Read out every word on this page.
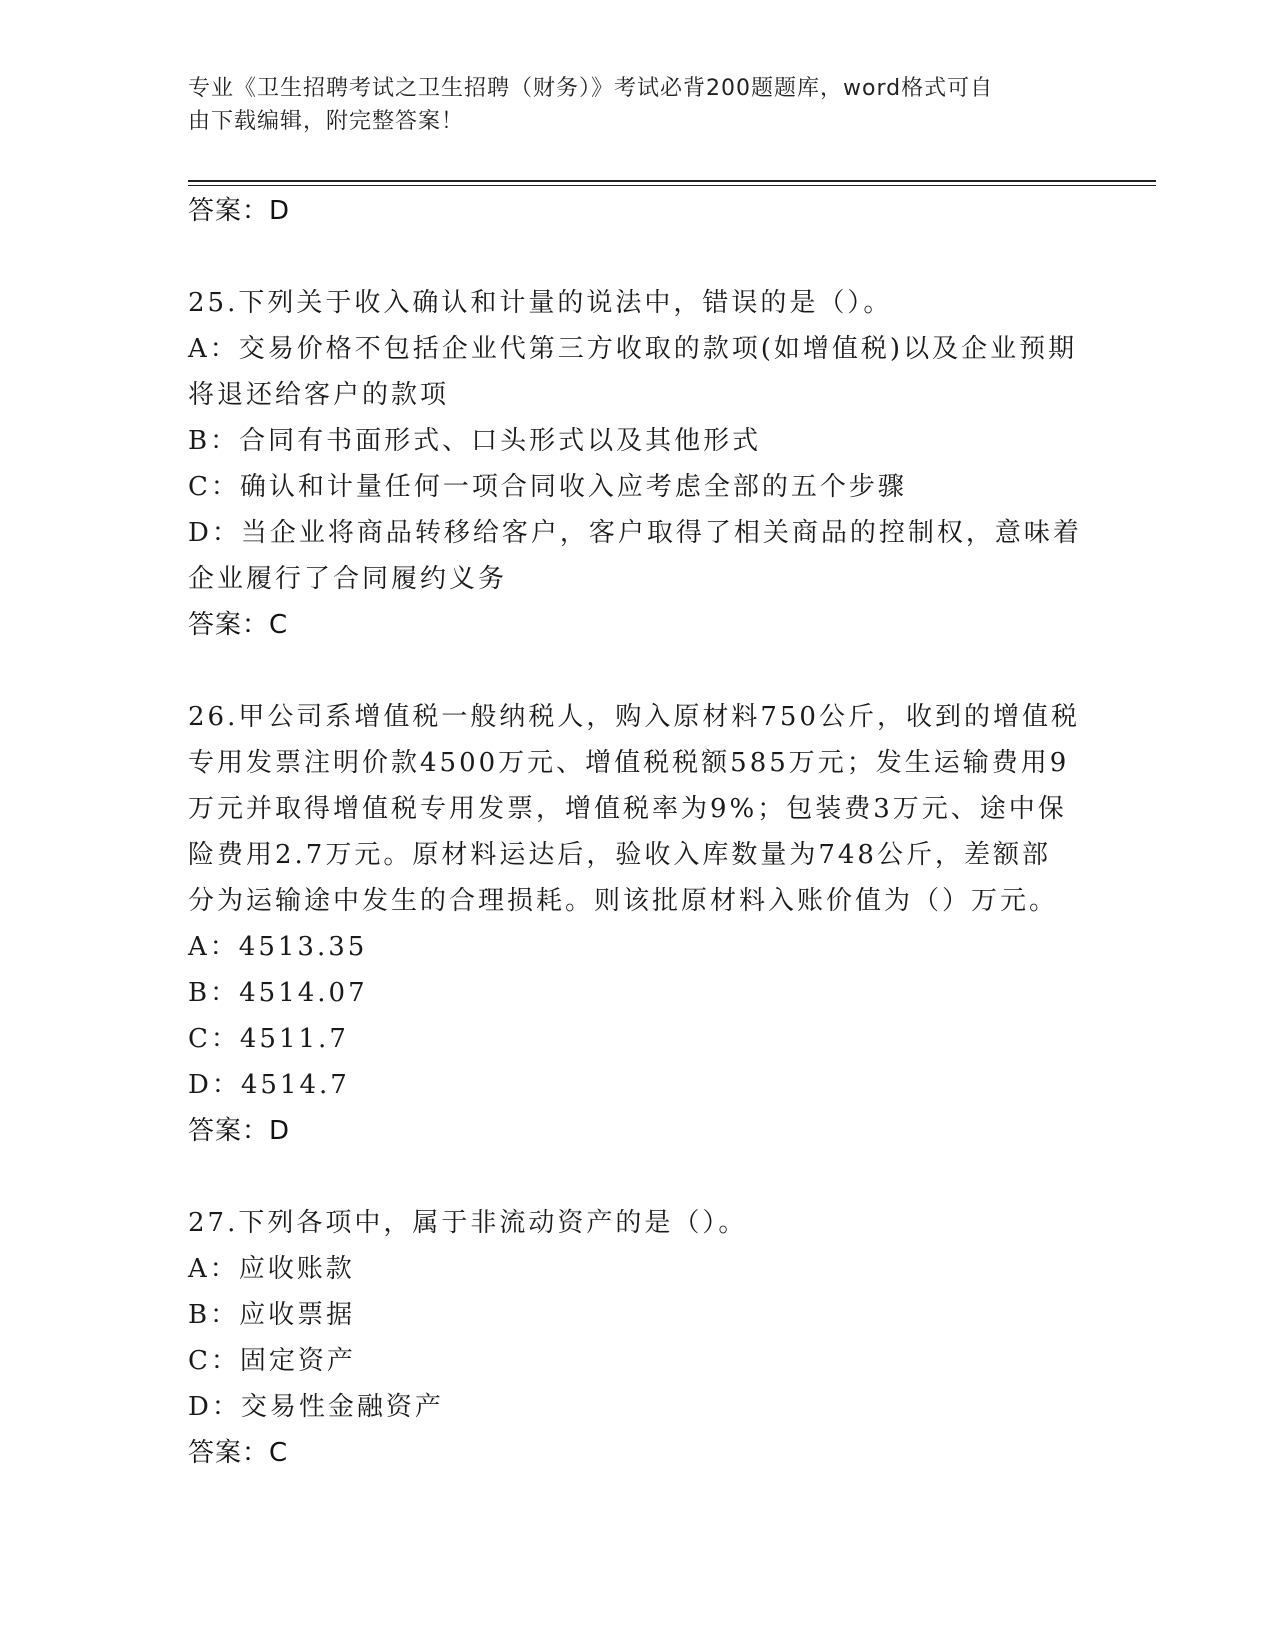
专业《卫生招聘考试之卫生招聘（财务）》考试必背200题题库，word格式可自
由下载编辑，附完整答案！
答案：D
25.下列关于收入确认和计量的说法中，错误的是（）。
A：交易价格不包括企业代第三方收取的款项(如增值税)以及企业预期
将退还给客户的款项
B：合同有书面形式、口头形式以及其他形式
C：确认和计量任何一项合同收入应考虑全部的五个步骤
D：当企业将商品转移给客户，客户取得了相关商品的控制权，意味着
企业履行了合同履约义务
答案：C
26.甲公司系增值税一般纳税人，购入原材料750公斤，收到的增值税
专用发票注明价款4500万元、增值税税额585万元；发生运输费用9
万元并取得增值税专用发票，增值税率为9%；包装费3万元、途中保
险费用2.7万元。原材料运达后，验收入库数量为748公斤，差额部
分为运输途中发生的合理损耗。则该批原材料入账价值为（）万元。
A：4513.35
B：4514.07
C：4511.7
D：4514.7
答案：D
27.下列各项中，属于非流动资产的是（）。
A：应收账款
B：应收票据
C：固定资产
D：交易性金融资产
答案：C
